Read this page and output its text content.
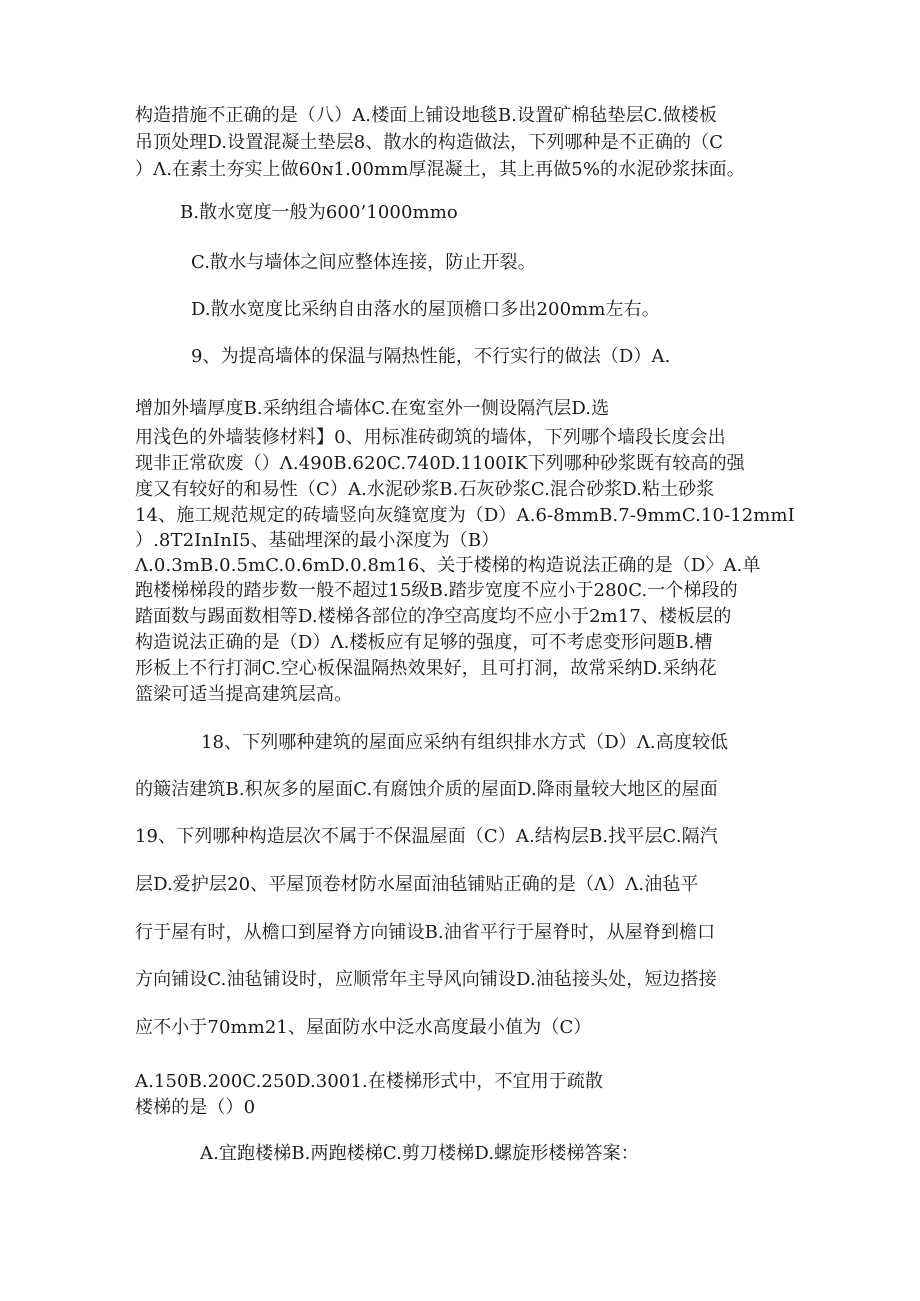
构造措施不正确的是（八）A.楼面上铺设地毯B.设置矿棉毡垫层C.做楼板

吊顶处理D.设置混凝土垫层8、散水的构造做法，下列哪种是不正确的（C

）Λ.在素土夯实上做60ɴ1.00mm厚混凝土，其上再做5%的水泥砂浆抹面。

B.散水宽度一般为600’1000mmo

C.散水与墙体之间应整体连接，防止开裂。

D.散水宽度比采纳自由落水的屋顶檐口多出200mm左右。

9、为提高墙体的保温与隔热性能，不行实行的做法（D）A.

增加外墙厚度B.采纳组合墙体C.在寃室外一侧设隔汽层D.选

用浅色的外墙装修材料】0、用标准砖砌筑的墙体，下列哪个墙段长度会出

现非正常砍废（）Λ.490B.620C.740D.1100IK下列哪种砂浆既有较高的强

度又有较好的和易性（C）A.水泥砂浆B.石灰砂浆C.混合砂浆D.粘土砂浆

14、施工规范规定的砖墙竖向灰缝宽度为（D）A.6-8mmB.7-9mmC.10-12mmI

）.8T2InInI5、基础埋深的最小深度为（B）

Λ.0.3mB.0.5mC.0.6mD.0.8m16、关于楼梯的构造说法正确的是（D〉A.单

跑楼梯梯段的踏步数一般不超过15级B.踏步宽度不应小于280C.一个梯段的

踏面数与踢面数相等D.楼梯各部位的净空高度均不应小于2m17、楼板层的

构造说法正确的是（D）Λ.楼板应有足够的强度，可不考虑变形问题B.槽

形板上不行打洞C.空心板保温隔热效果好，且可打洞，故常采纳D.采纳花

篮梁可适当提高建筑层高。

18、下列哪种建筑的屋面应采纳有组织排水方式（D）Λ.高度较低

的簸洁建筑B.积灰多的屋面C.有腐蚀介质的屋面D.降雨量较大地区的屋面

19、下列哪种构造层次不属于不保温屋面（C）A.结构层B.找平层C.隔汽

层D.爱护层20、平屋顶卷材防水屋面油毡铺贴正确的是（Λ）Λ.油毡平

行于屋有时，从檐口到屋脊方向铺设B.油省平行于屋脊时，从屋脊到檐口

方向铺设C.油毡铺设时，应顺常年主导风向铺设D.油毡接头处，短边搭接

应不小于70mm21、屋面防水中泛水高度最小值为（C）

A.150B.200C.250D.3001.在楼梯形式中，不宜用于疏散

楼梯的是（）0

A.宜跑楼梯B.两跑楼梯C.剪刀楼梯D.螺旋形楼梯答案：
